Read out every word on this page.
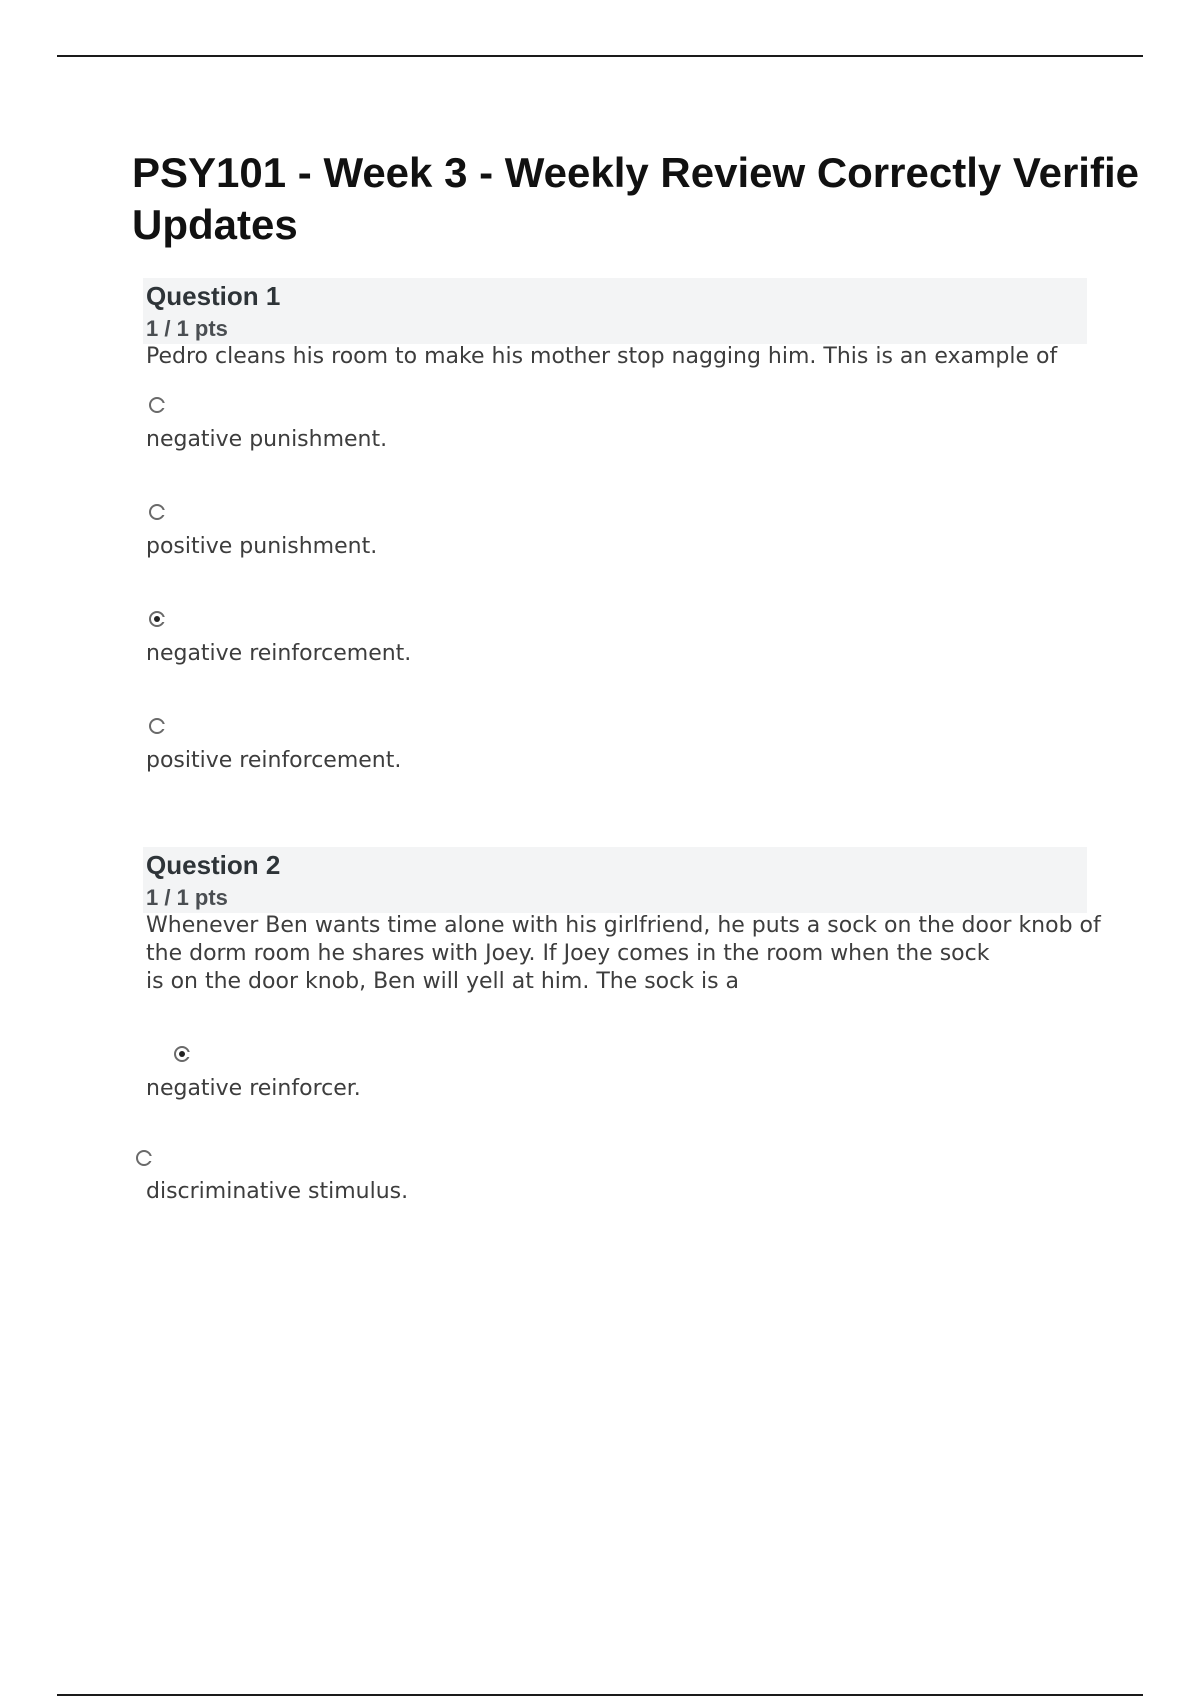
PSY101 - Week 3 - Weekly Review Correctly Verifie
Updates
Question 1
1 / 1 pts
Pedro cleans his room to make his mother stop nagging him. This is an example of
negative punishment.
positive punishment.
negative reinforcement.
positive reinforcement.
Question 2
1 / 1 pts
Whenever Ben wants time alone with his girlfriend, he puts a sock on the door knob of
the dorm room he shares with Joey. If Joey comes in the room when the sock
is on the door knob, Ben will yell at him. The sock is a
negative reinforcer.
discriminative stimulus.
